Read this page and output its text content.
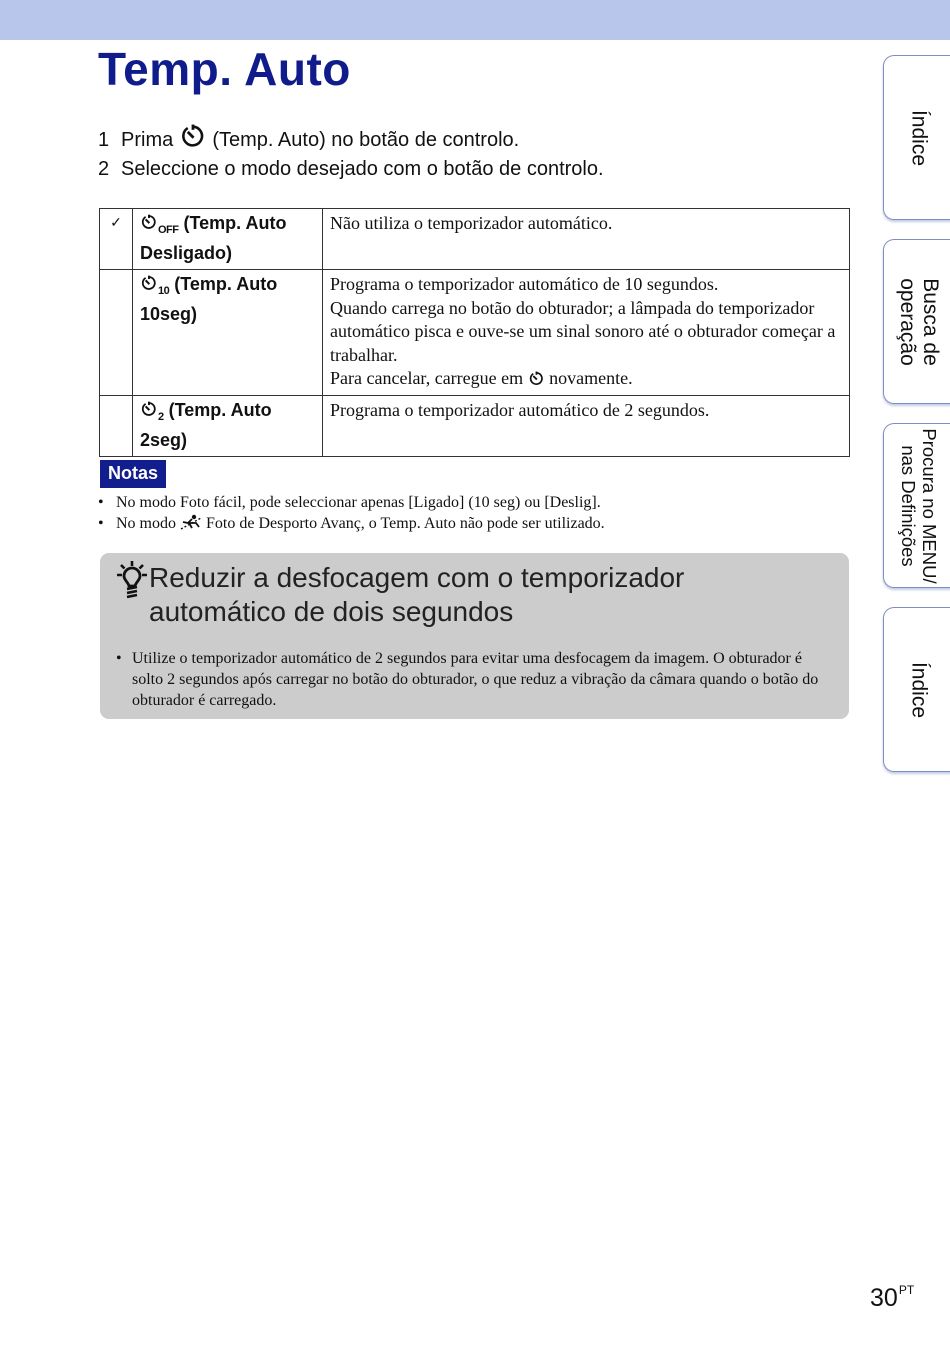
Temp. Auto
1 Prima (Temp. Auto) no botão de controlo.
2 Seleccione o modo desejado com o botão de controlo.
✓	$_{OFF}$ (Temp. Auto Desligado)	Não utiliza o temporizador automático.

	$_{10}$ (Temp. Auto 10seg)	Programa o temporizador automático de 10 segundos.
Quando carrega no botão do obturador; a lâmpada do temporizador automático pisca e ouve-se um sinal sonoro até o obturador começar a trabalhar.
Para cancelar, carregue em novamente.

	$_2$ (Temp. Auto 2seg)	Programa o temporizador automático de 2 segundos.
Notas
• No modo Foto fácil, pode seleccionar apenas [Ligado] (10 seg) ou [Deslig].
• No modo Foto de Desporto Avanç, o Temp. Auto não pode ser utilizado.
Reduzir a desfocagem com o temporizador automático de dois segundos
• Utilize o temporizador automático de 2 segundos para evitar uma desfocagem da imagem. O obturador é solto 2 segundos após carregar no botão do obturador, o que reduz a vibração da câmara quando o botão do obturador é carregado.
Índice
Busca de
operação
Procura no MENU/
nas Definições
Índice
$30^{PT}$
